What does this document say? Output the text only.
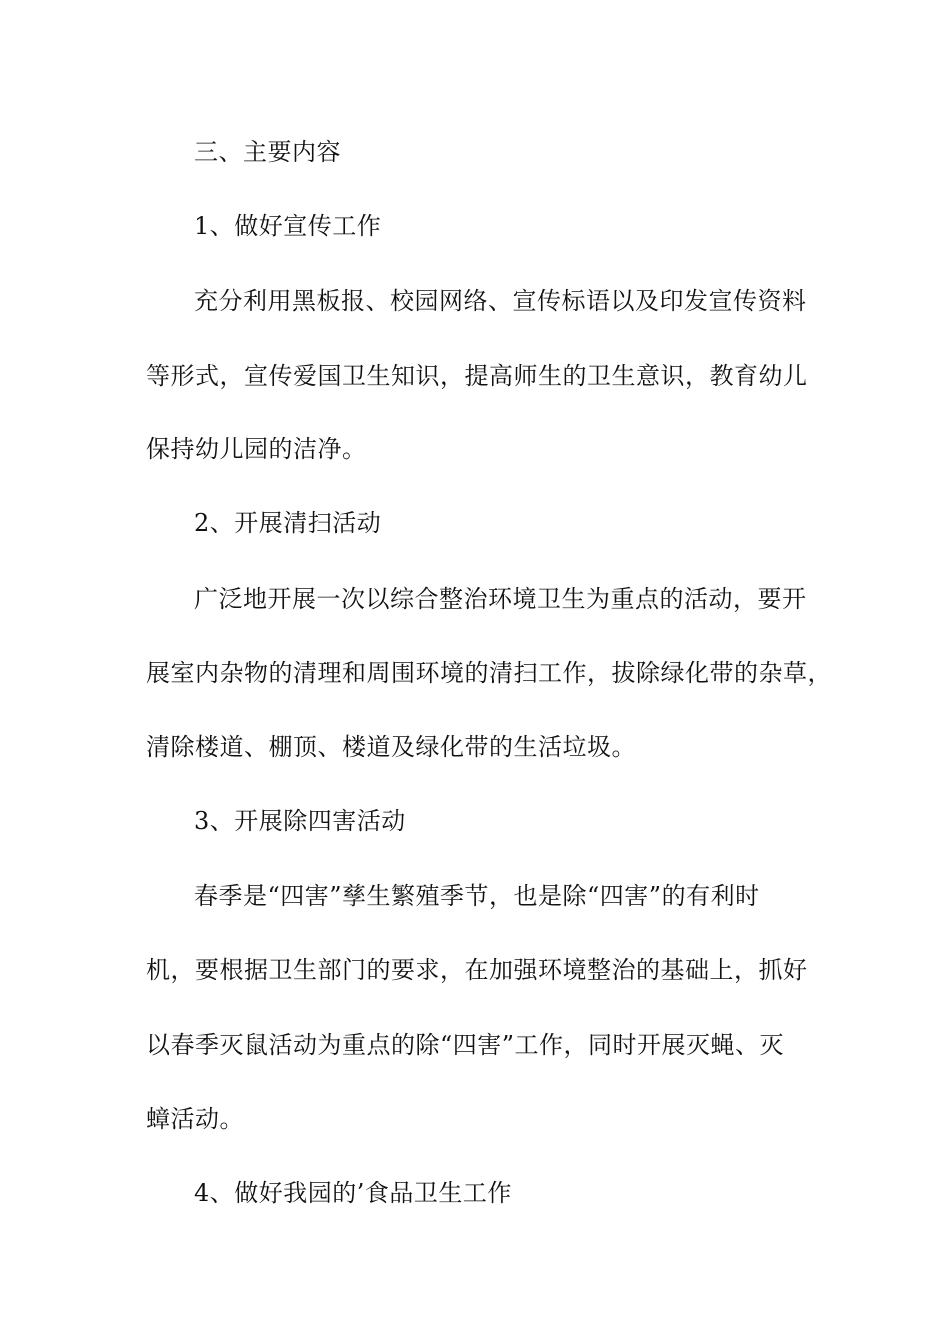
三、主要内容
1、做好宣传工作
充分利用黑板报、校园网络、宣传标语以及印发宣传资料
等形式，宣传爱国卫生知识，提高师生的卫生意识，教育幼儿
保持幼儿园的洁净。
2、开展清扫活动
广泛地开展一次以综合整治环境卫生为重点的活动，要开
展室内杂物的清理和周围环境的清扫工作，拔除绿化带的杂草，
清除楼道、棚顶、楼道及绿化带的生活垃圾。
3、开展除四害活动
春季是“四害”孳生繁殖季节，也是除“四害”的有利时
机，要根据卫生部门的要求，在加强环境整治的基础上，抓好
以春季灭鼠活动为重点的除“四害”工作，同时开展灭蝇、灭
蟑活动。
4、做好我园的’食品卫生工作
